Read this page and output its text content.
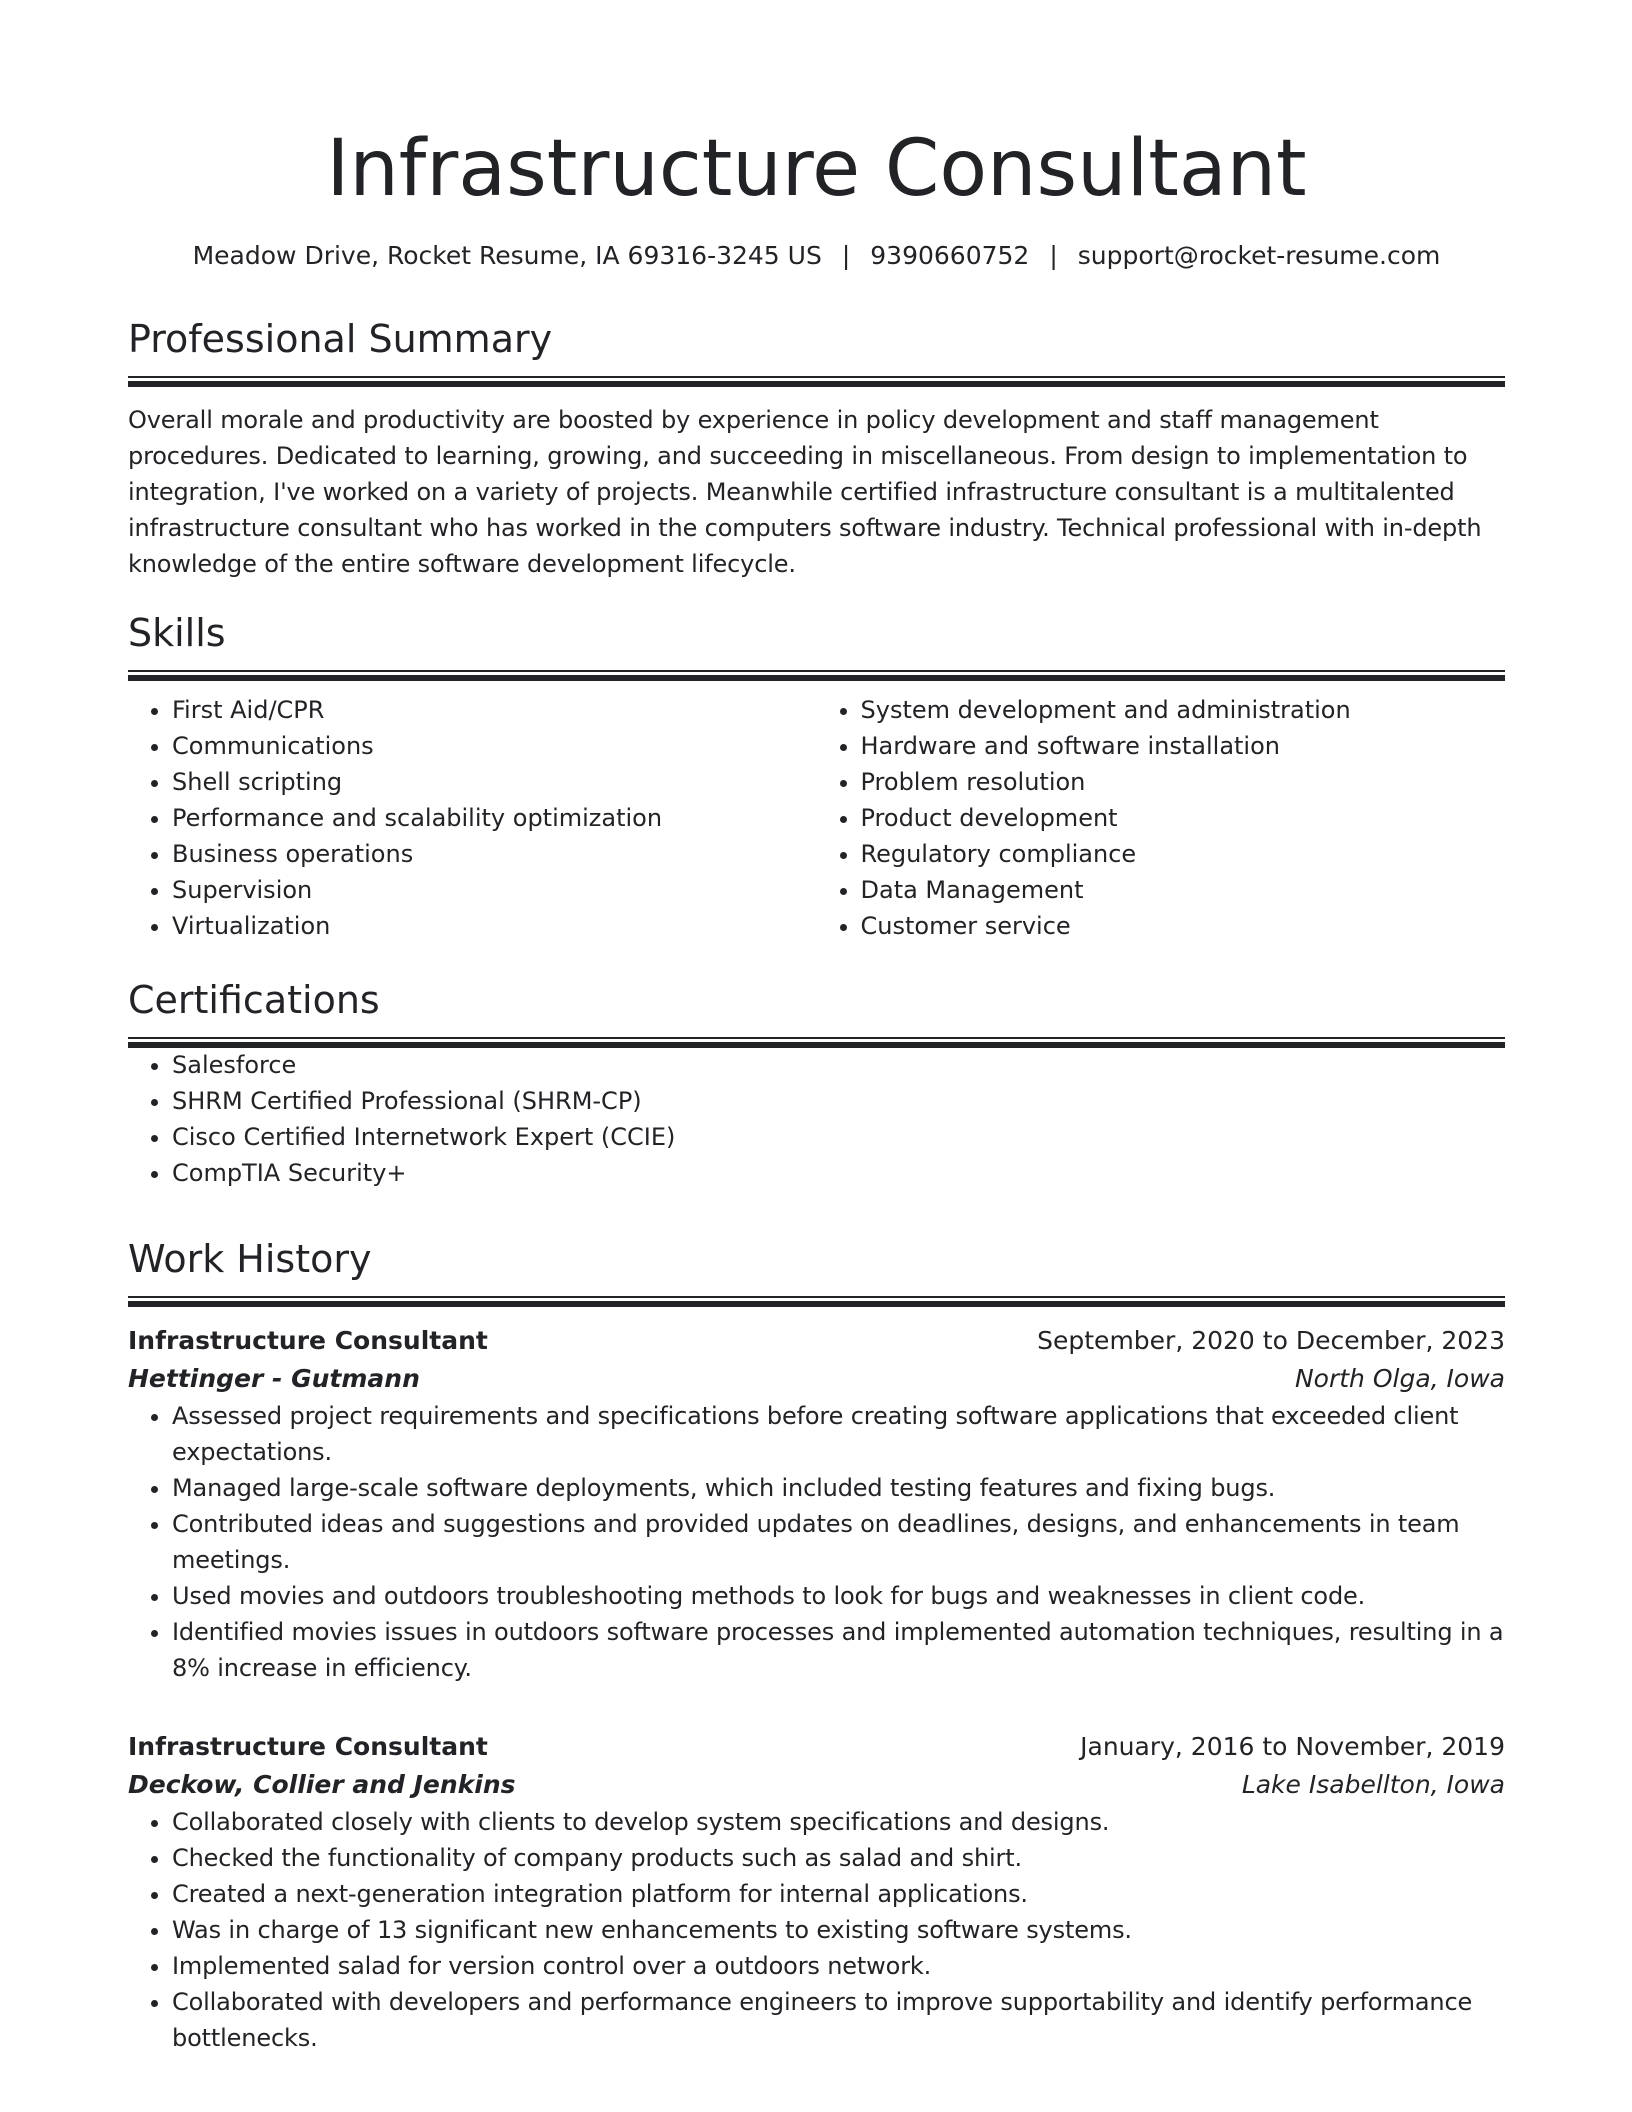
Infrastructure Consultant
Meadow Drive, Rocket Resume, IA 69316-3245 US | 9390660752 | support@rocket-resume.com
Professional Summary

Overall morale and productivity are boosted by experience in policy development and staff management procedures. Dedicated to learning, growing, and succeeding in miscellaneous. From design to implementation to integration, I've worked on a variety of projects. Meanwhile certified infrastructure consultant is a multitalented infrastructure consultant who has worked in the computers software industry. Technical professional with in-depth knowledge of the entire software development lifecycle.

Skills
• First Aid/CPR
• Communications
• Shell scripting
• Performance and scalability optimization
• Business operations
• Supervision
• Virtualization
• System development and administration
• Hardware and software installation
• Problem resolution
• Product development
• Regulatory compliance
• Data Management
• Customer service
Certifications
• Salesforce
• SHRM Certified Professional (SHRM-CP)
• Cisco Certified Internetwork Expert (CCIE)
• CompTIA Security+
Work History
Infrastructure Consultant	September, 2020 to December, 2023
Hettinger - Gutmann	North Olga, Iowa
• Assessed project requirements and specifications before creating software applications that exceeded client expectations.
• Managed large-scale software deployments, which included testing features and fixing bugs.
• Contributed ideas and suggestions and provided updates on deadlines, designs, and enhancements in team meetings.
• Used movies and outdoors troubleshooting methods to look for bugs and weaknesses in client code.
• Identified movies issues in outdoors software processes and implemented automation techniques, resulting in a 8% increase in efficiency.
Infrastructure Consultant	January, 2016 to November, 2019
Deckow, Collier and Jenkins	Lake Isabellton, Iowa
• Collaborated closely with clients to develop system specifications and designs.
• Checked the functionality of company products such as salad and shirt.
• Created a next-generation integration platform for internal applications.
• Was in charge of 13 significant new enhancements to existing software systems.
• Implemented salad for version control over a outdoors network.
• Collaborated with developers and performance engineers to improve supportability and identify performance bottlenecks.
